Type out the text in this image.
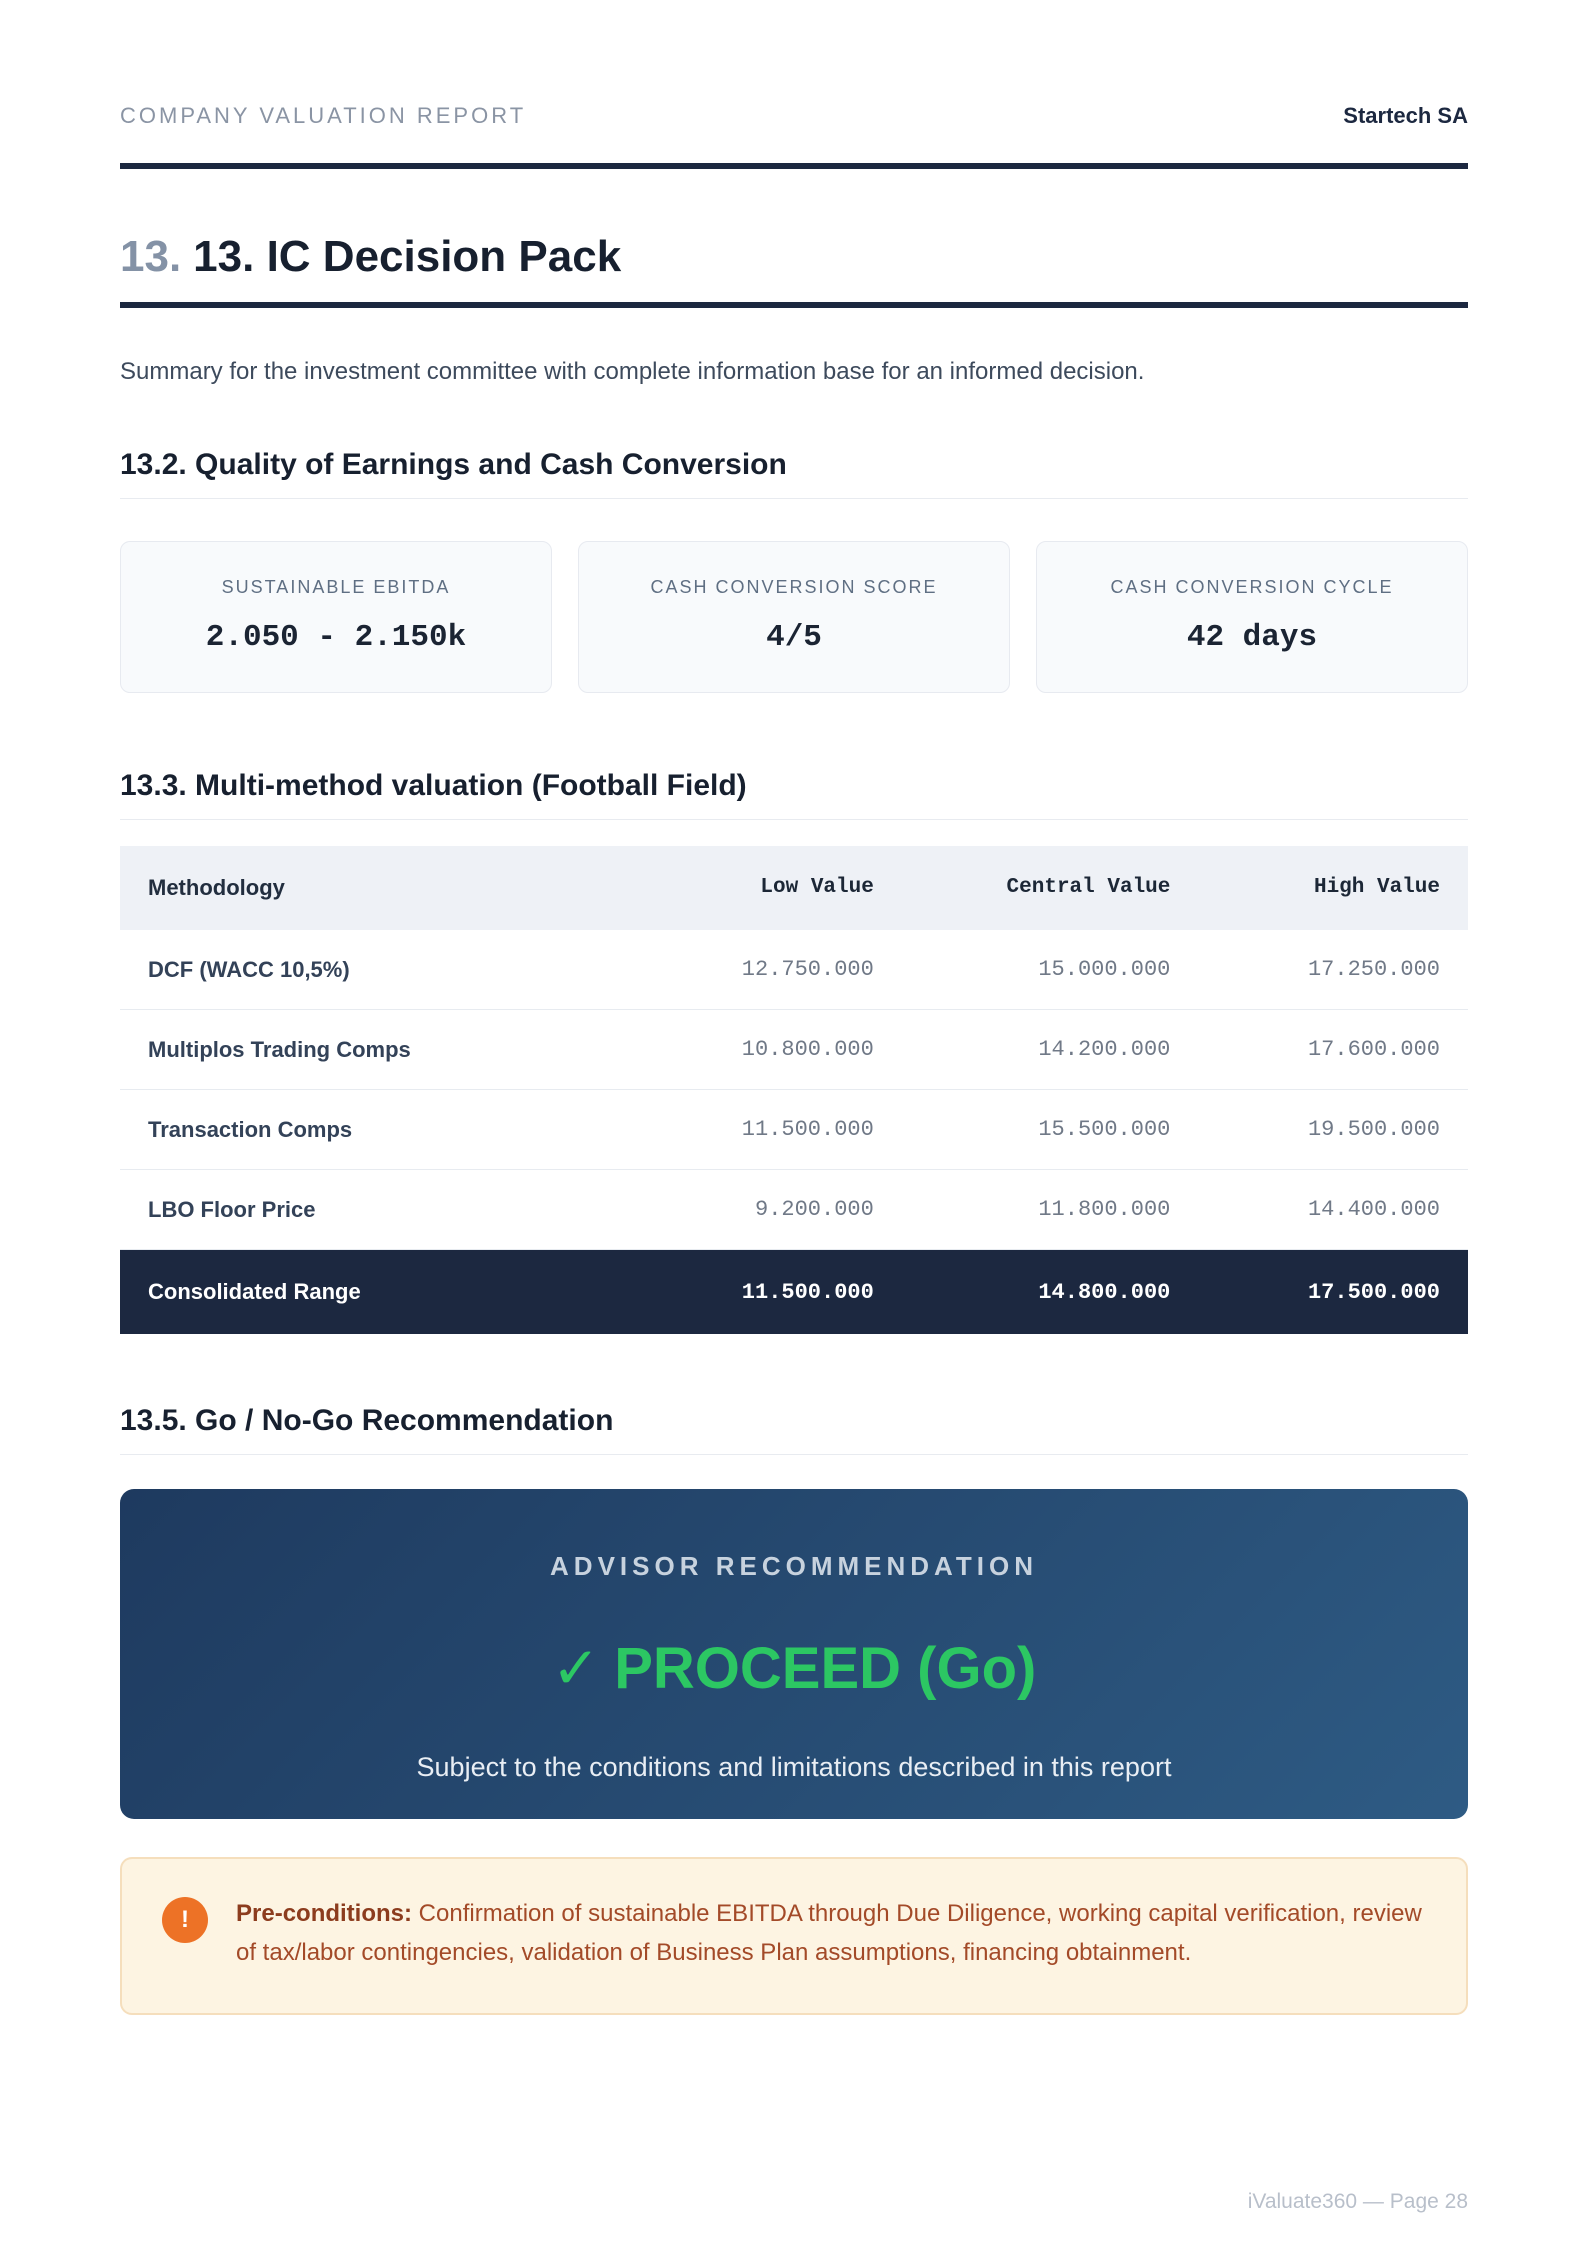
COMPANY VALUATION REPORT	Startech SA
13. 13. IC Decision Pack

Summary for the investment committee with complete information base for an informed decision.

13.2. Quality of Earnings and Cash Conversion
SUSTAINABLE EBITDA
2.050 - 2.150k
CASH CONVERSION SCORE
4/5
CASH CONVERSION CYCLE
42 days
13.3. Multi-method valuation (Football Field)
Methodology	Low Value	Central Value	High Value
DCF (WACC 10,5%)	12.750.000	15.000.000	17.250.000
Multiplos Trading Comps	10.800.000	14.200.000	17.600.000
Transaction Comps	11.500.000	15.500.000	19.500.000
LBO Floor Price	9.200.000	11.800.000	14.400.000
Consolidated Range	11.500.000	14.800.000	17.500.000
13.5. Go / No-Go Recommendation
ADVISOR RECOMMENDATION
✓ PROCEED (Go)
Subject to the conditions and limitations described in this report
!	Pre-conditions: Confirmation of sustainable EBITDA through Due Diligence, working capital verification, review of tax/labor contingencies, validation of Business Plan assumptions, financing obtainment.

iValuate360 — Page 28
